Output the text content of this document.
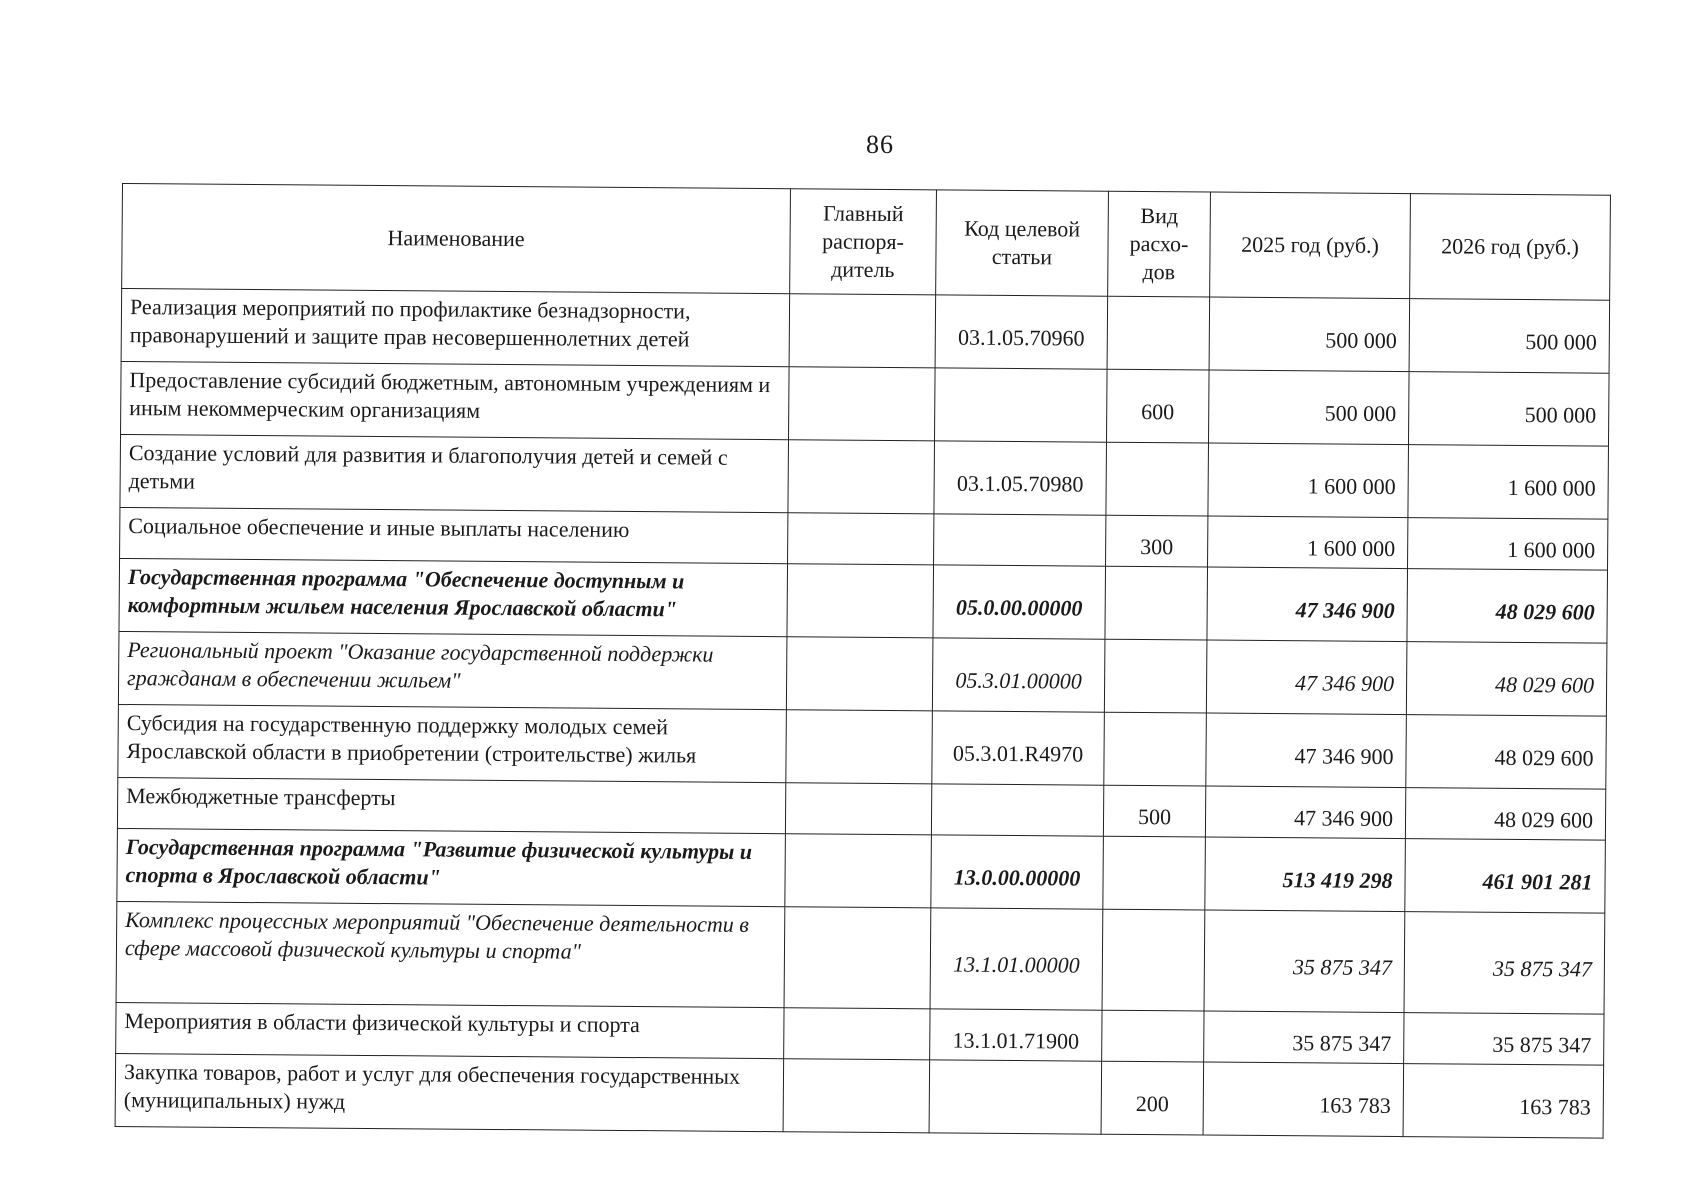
86
Наименование	Главный распоря-дитель	Код целевой статьи	Вид расхо-дов	2025 год (руб.)	2026 год (руб.)
Реализация мероприятий по профилактике безнадзорности, правонарушений и защите прав несовершеннолетних детей		03.1.05.70960		500 000	500 000
Предоставление субсидий бюджетным, автономным учреждениям и иным некоммерческим организациям			600	500 000	500 000
Создание условий для развития и благополучия детей и семей с детьми		03.1.05.70980		1 600 000	1 600 000
Социальное обеспечение и иные выплаты населению			300	1 600 000	1 600 000
Государственная программа "Обеспечение доступным и комфортным жильем населения Ярославской области"		05.0.00.00000		47 346 900	48 029 600
Региональный проект "Оказание государственной поддержки гражданам в обеспечении жильем"		05.3.01.00000		47 346 900	48 029 600
Субсидия на государственную поддержку молодых семей Ярославской области в приобретении (строительстве) жилья		05.3.01.R4970		47 346 900	48 029 600
Межбюджетные трансферты			500	47 346 900	48 029 600
Государственная программа "Развитие физической культуры и спорта в Ярославской области"		13.0.00.00000		513 419 298	461 901 281
Комплекс процессных мероприятий "Обеспечение деятельности в сфере массовой физической культуры и спорта"		13.1.01.00000		35 875 347	35 875 347
Мероприятия в области физической культуры и спорта		13.1.01.71900		35 875 347	35 875 347
Закупка товаров, работ и услуг для обеспечения государственных (муниципальных) нужд			200	163 783	163 783
